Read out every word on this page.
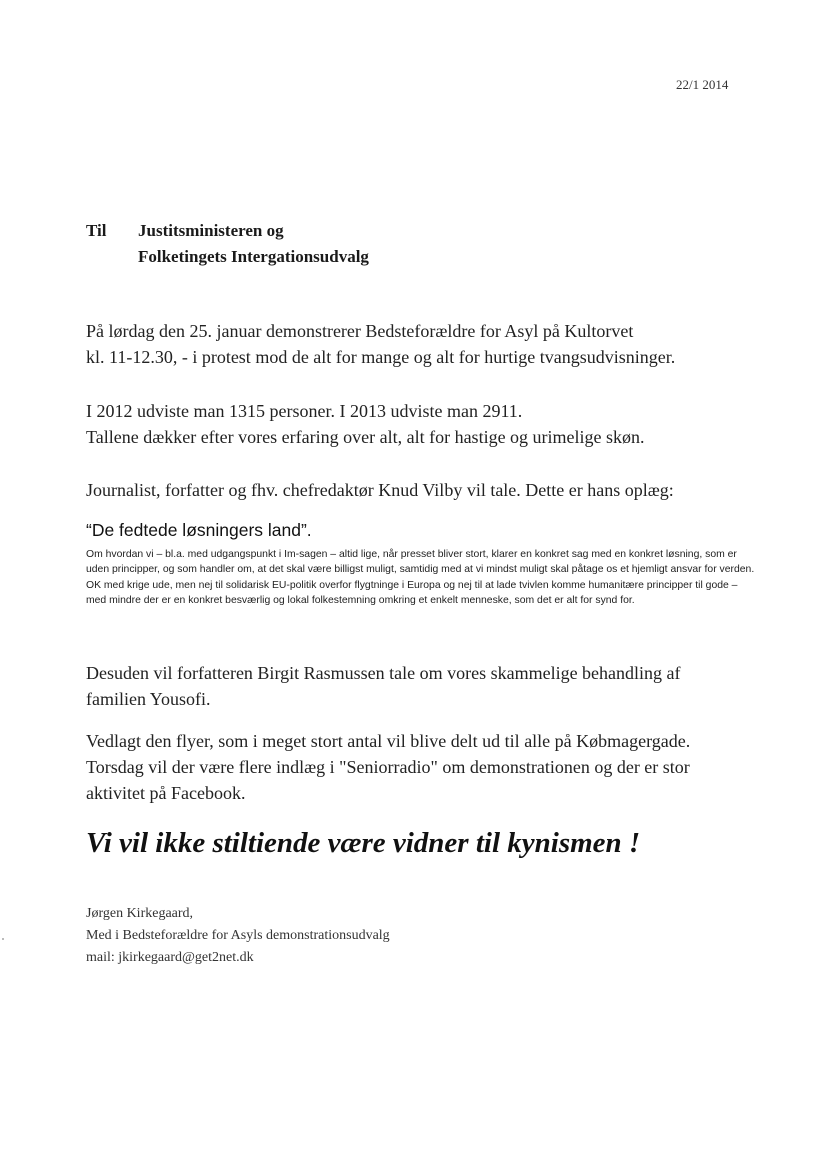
22/1 2014
Til Justitsministeren og
Folketingets Intergationsudvalg
På lørdag den 25. januar demonstrerer Bedsteforældre for Asyl på Kultorvet
kl. 11-12.30, - i protest mod de alt for mange og alt for hurtige tvangsudvisninger.
I 2012 udviste man 1315 personer. I 2013 udviste man 2911.
Tallene dækker efter vores erfaring over alt, alt for hastige og urimelige skøn.
Journalist, forfatter og fhv. chefredaktør Knud Vilby vil tale. Dette er hans oplæg:
“De fedtede løsningers land”.
Om hvordan vi – bl.a. med udgangspunkt i Im-sagen – altid lige, når presset bliver stort, klarer en konkret sag med en konkret løsning, som er uden principper, og som handler om, at det skal være billigst muligt, samtidig med at vi mindst muligt skal påtage os et hjemligt ansvar for verden. OK med krige ude, men nej til solidarisk EU-politik overfor flygtninge i Europa og nej til at lade tvivlen komme humanitære principper til gode – med mindre der er en konkret besværlig og lokal folkestemning omkring et enkelt menneske, som det er alt for synd for.
Desuden vil forfatteren Birgit Rasmussen tale om vores skammelige behandling af
familien Yousofi.
Vedlagt den flyer, som i meget stort antal vil blive delt ud til alle på Købmagergade.
Torsdag vil der være flere indlæg i "Seniorradio" om demonstrationen og der er stor
aktivitet på Facebook.
Vi vil ikke stiltiende være vidner til kynismen !
Jørgen Kirkegaard,
Med i Bedsteforældre for Asyls demonstrationsudvalg
mail: jkirkegaard@get2net.dk
